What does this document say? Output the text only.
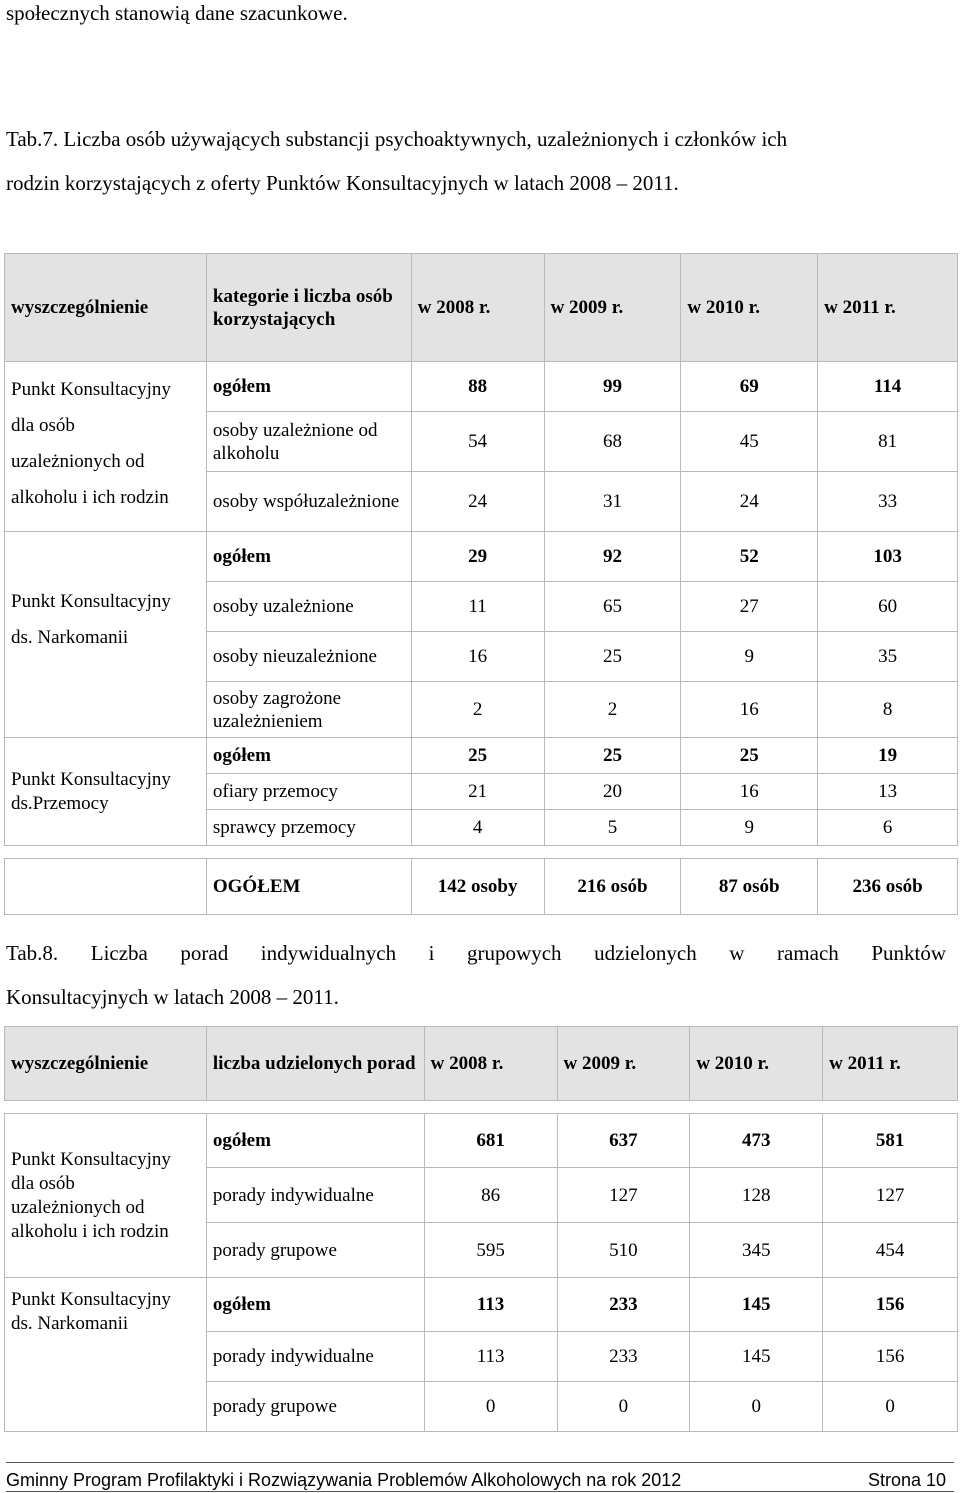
społecznych stanowią dane szacunkowe.

Tab.7. Liczba osób używających substancji psychoaktywnych, uzależnionych i członków ich

rodzin korzystających z oferty Punktów Konsultacyjnych w latach 2008 – 2011.

wyszczególnienie	kategorie i liczba osób korzystających	w 2008 r.	w 2009 r.	w 2010 r.	w 2011 r.
Punkt Konsultacyjny
dla osób
uzależnionych od
alkoholu i ich rodzin	ogółem	88	99	69	114
	osoby uzależnione od alkoholu	54	68	45	81
	osoby współuzależnione	24	31	24	33
Punkt Konsultacyjny
ds. Narkomanii	ogółem	29	92	52	103
	osoby uzależnione	11	65	27	60
	osoby nieuzależnione	16	25	9	35
	osoby zagrożone uzależnieniem	2	2	16	8
Punkt Konsultacyjny
ds.Przemocy	ogółem	25	25	25	19
	ofiary przemocy	21	20	16	13
	sprawcy przemocy	4	5	9	6

	OGÓŁEM	142 osoby	216 osób	87 osób	236 osób

Tab.8. Liczba porad indywidualnych i grupowych udzielonych w ramach Punktów

Konsultacyjnych w latach 2008 – 2011.

wyszczególnienie	liczba udzielonych porad	w 2008 r.	w 2009 r.	w 2010 r.	w 2011 r.

Punkt Konsultacyjny
dla osób
uzależnionych od
alkoholu i ich rodzin	ogółem	681	637	473	581
	porady indywidualne	86	127	128	127
	porady grupowe	595	510	345	454
Punkt Konsultacyjny
ds. Narkomanii	ogółem	113	233	145	156
	porady indywidualne	113	233	145	156
	porady grupowe	0	0	0	0
Gminny Program Profilaktyki i Rozwiązywania Problemów Alkoholowych na rok 2012	Strona 10
